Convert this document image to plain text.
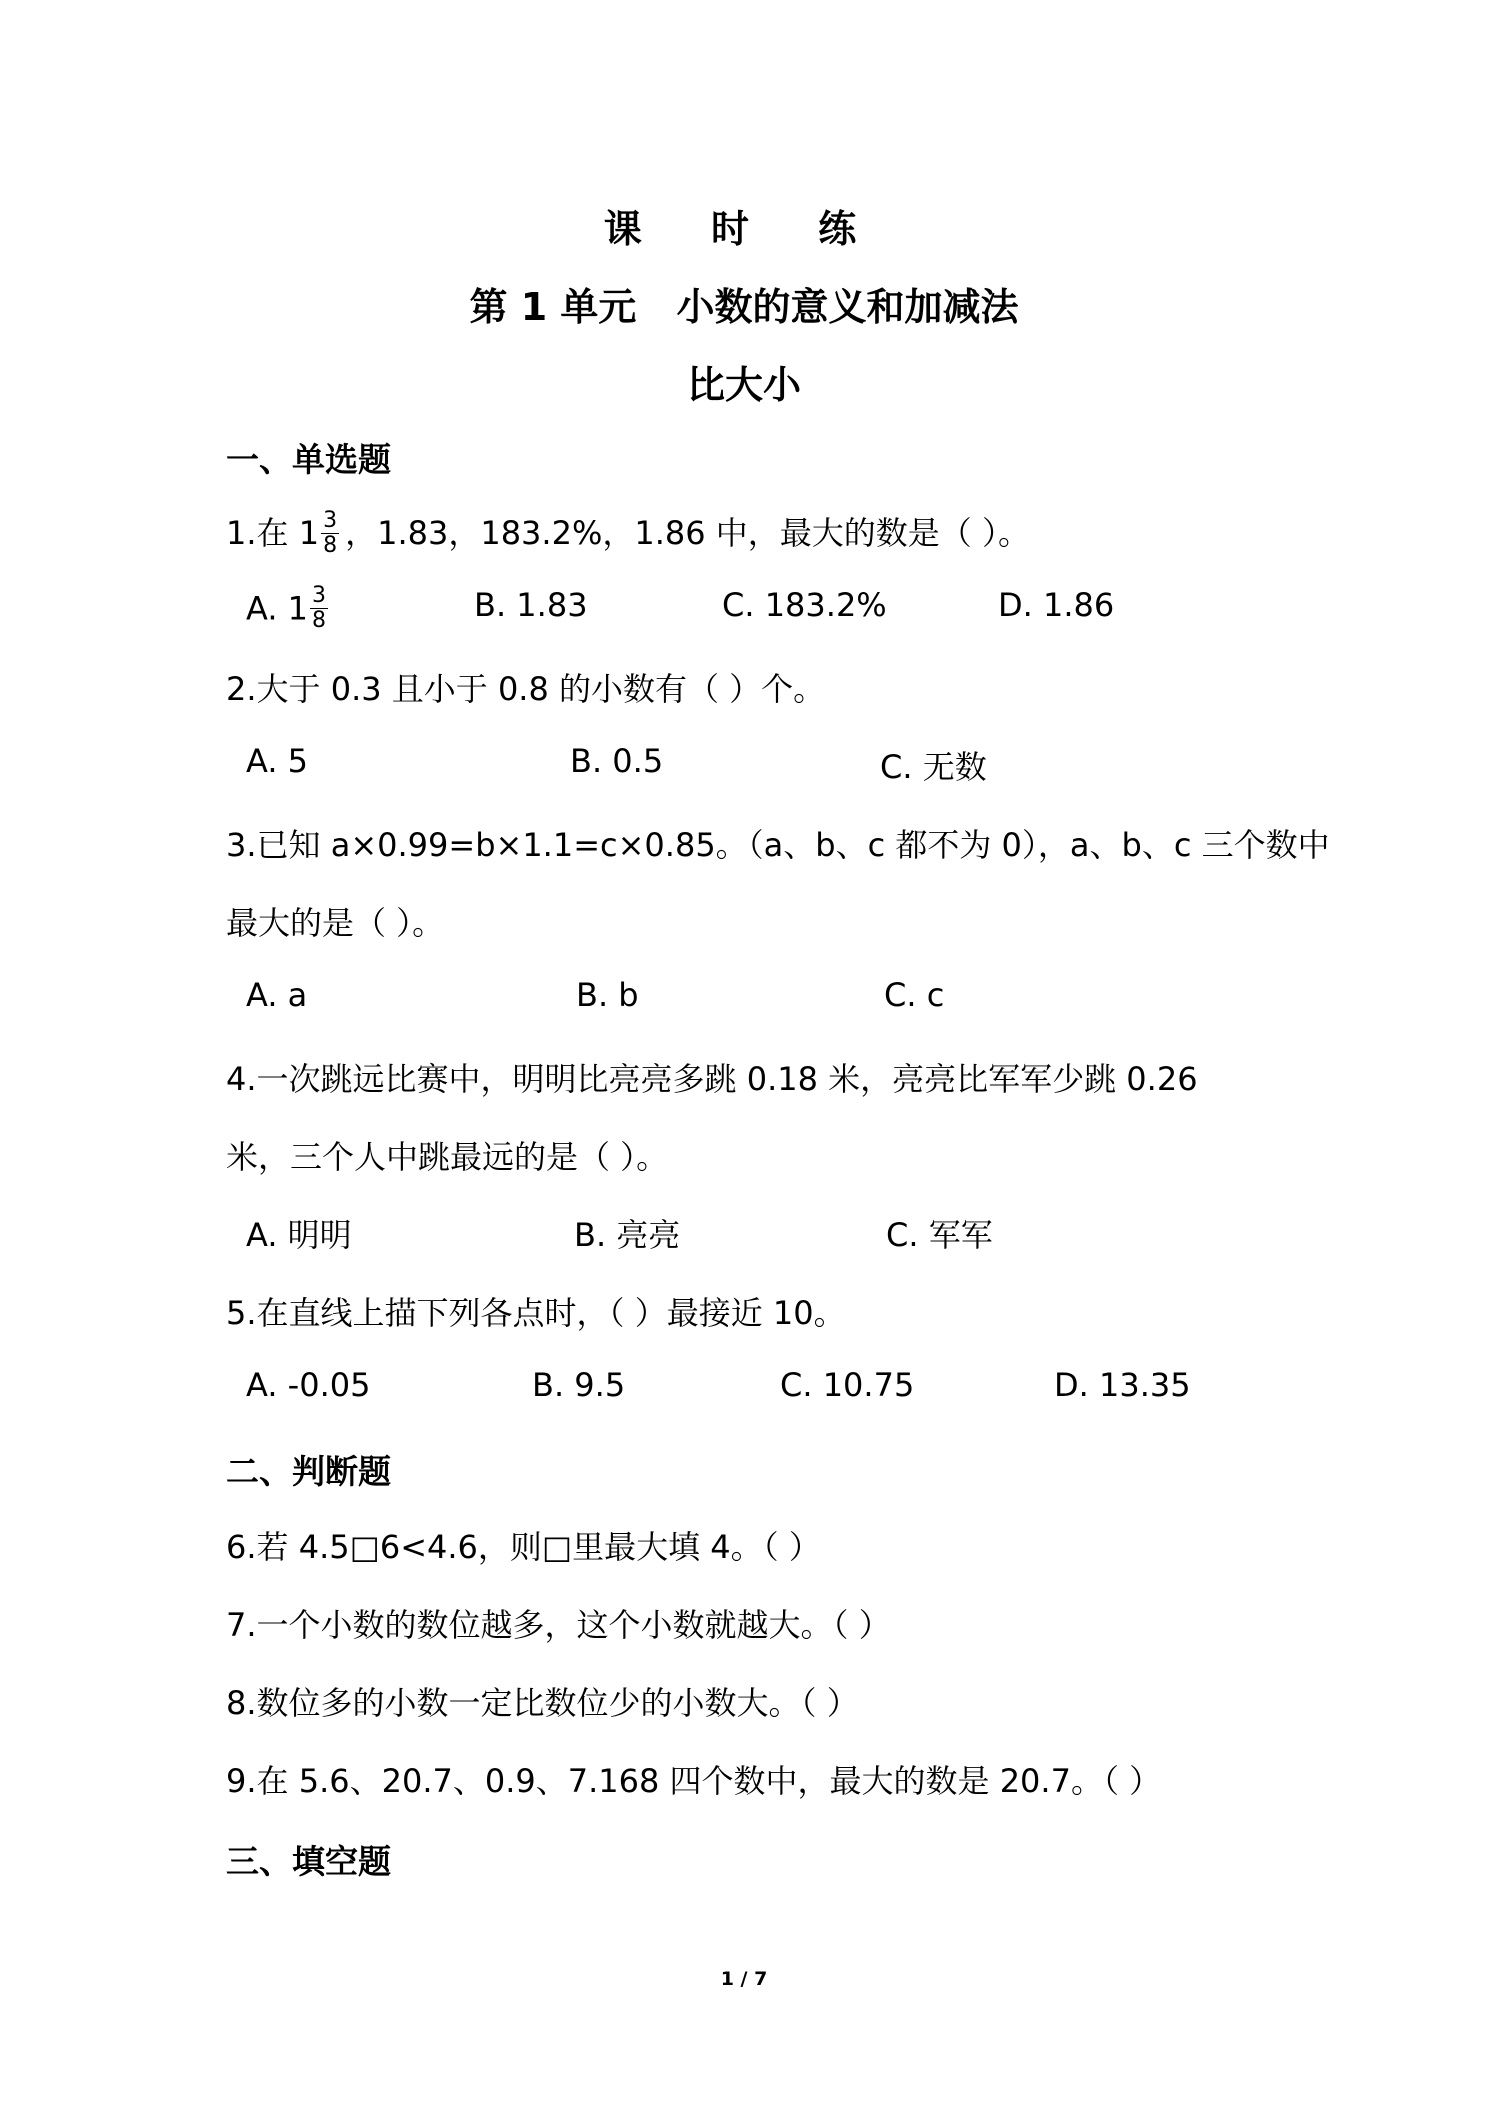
课 时 练
第 1 单元 小数的意义和加减法
比大小
一、单选题
1.在 $1 \frac{3}{8}$ ，1.83，183.2%，1.86 中，最大的数是（ ）。
A. $1 \frac{3}{8}$	B. 1.83	C. 183.2%	D. 1.86
2.大于 0.3 且小于 0.8 的小数有（ ）个。
A. 5	B. 0.5	C. 无数
3.已知 a×0.99=b×1.1=c×0.85。（a、b、c 都不为 0），a、b、c 三个数中
最大的是（ ）。
A. a	B. b	C. c
4.一次跳远比赛中，明明比亮亮多跳 0.18 米，亮亮比军军少跳 0.26
米，三个人中跳最远的是（ ）。
A. 明明	B. 亮亮	C. 军军
5.在直线上描下列各点时，（ ）最接近 10。
A. -0.05	B. 9.5	C. 10.75	D. 13.35
二、判断题
6.若 4.5□6<4.6，则□里最大填 4。（ ）
7.一个小数的数位越多，这个小数就越大。（ ）
8.数位多的小数一定比数位少的小数大。（ ）
9.在 5.6、20.7、0.9、7.168 四个数中，最大的数是 20.7。（ ）
三、填空题
1 / 7
